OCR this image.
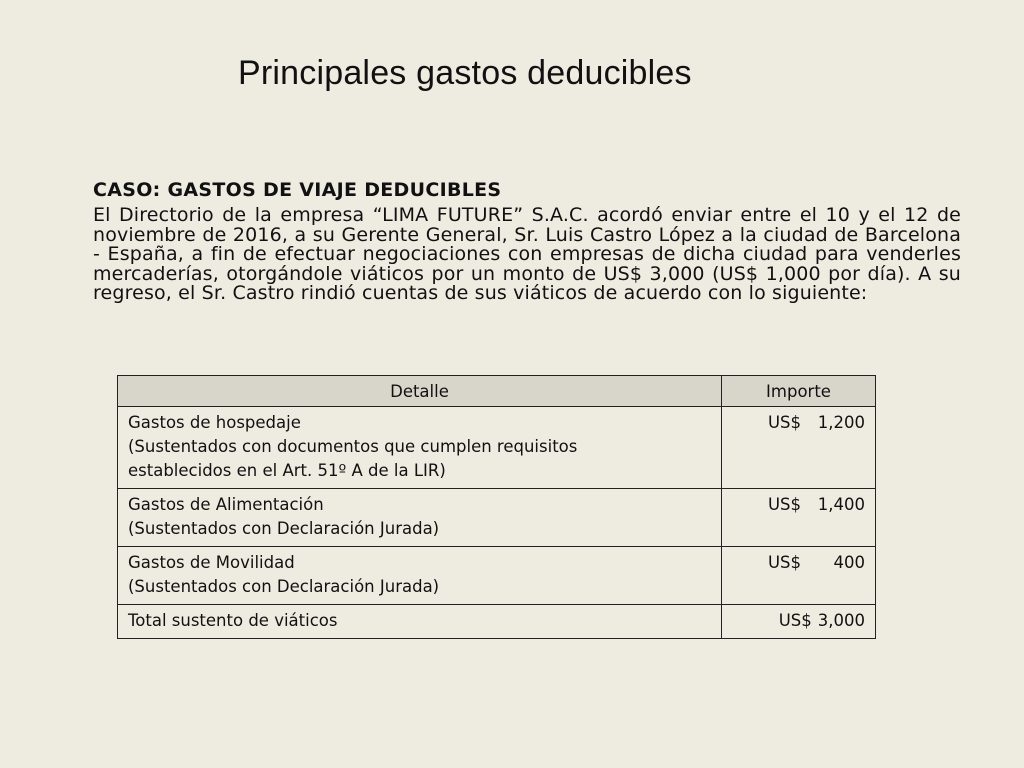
Principales gastos deducibles
CASO: GASTOS DE VIAJE DEDUCIBLES
El Directorio de la empresa “LIMA FUTURE” S.A.C. acordó enviar entre el 10 y el 12 de noviembre de 2016, a su Gerente General, Sr. Luis Castro López a la ciudad de Barcelona - España, a fin de efectuar negociaciones con empresas de dicha ciudad para venderles mercaderías, otorgándole viáticos por un monto de US$ 3,000 (US$ 1,000 por día). A su regreso, el Sr. Castro rindió cuentas de sus viáticos de acuerdo con lo siguiente:
Detalle	Importe

Gastos de hospedaje
(Sustentados con documentos que cumplen requisitos
establecidos en el Art. 51º A de la LIR)	US$ 1,200

Gastos de Alimentación
(Sustentados con Declaración Jurada)	US$ 1,400

Gastos de Movilidad
(Sustentados con Declaración Jurada)	US$ 400

Total sustento de viáticos	US$ 3,000
